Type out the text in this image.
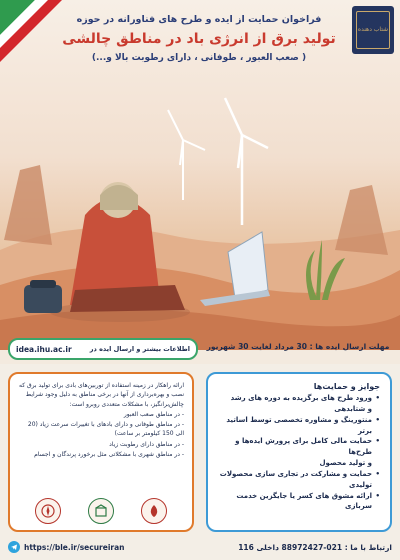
شتاب دهنده
فراخوان حمایت از ایده و طرح های فناورانه در حوزه
تولید برق از انرژی باد در مناطق چالشی
( صعب العبور ، طوفانی ، دارای رطوبت بالا و...)
مهلت ارسال ایده ها : 30 مرداد لغایت 30 شهریور
اطلاعات بیشتر و ارسال ایده در
idea.ihu.ac.ir
جوایز و حمایت‌ها
• ورود طرح های برگزیده به دوره های رشد
و شتابدهی
• منتورینگ و مشاوره تخصصی توسط اساتید برتر
• حمایت مالی کامل برای پرورش ایده‌ها و طرح‌ها
و تولید محصول
• حمایت و مشارکت در تجاری سازی محصولات
تولیدی
• ارائه مشوق های کسر یا جایگزین خدمت سربازی
ارائه راهکار در زمینه استفاده از توربین‌های بادی برای تولید برق که نصب و بهره‌برداری از آنها در برخی مناطق به دلیل وجود شرایط چالش‌برانگیز، با مشکلات متعددی روبرو است:
- در مناطق صعب العبور
- در مناطق طوفانی و دارای بادهای با تغییرات سرعت زیاد (20 الی 150 کیلومتر بر ساعت)
- در مناطق دارای رطوبت زیاد
- در مناطق شهری با مشکلاتی مثل برخورد پرندگان و اجسام
ارتباط با ما : 021-88972427 داخلی 116
https://ble.ir/secureiran
